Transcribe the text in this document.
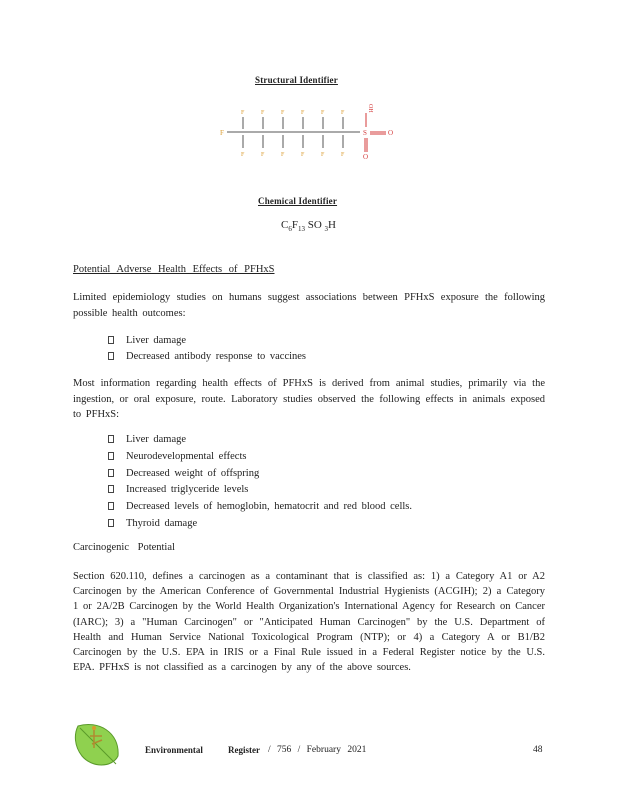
Structural Identifier
F
F
F
F
F
F
F
F
F
F
F
F
F
S	O
OH
O
Chemical Identifier
$C_6F_{13}$ SO $_3$H
Potential Adverse Health Effects of PFHxS

Limited epidemiology studies on humans suggest associations between PFHxS exposure the following possible health outcomes:

Liver damage
Decreased antibody response to vaccines

Most information regarding health effects of PFHxS is derived from animal studies, primarily via the ingestion, or oral exposure, route. Laboratory studies observed the following effects in animals exposed to PFHxS:

Liver damage
Neurodevelopmental effects
Decreased weight of offspring
Increased triglyceride levels
Decreased levels of hemoglobin, hematocrit and red blood cells.
Thyroid damage
Carcinogenic Potential

Section 620.110, defines a carcinogen as a contaminant that is classified as: 1) a Category A1 or A2 Carcinogen by the American Conference of Governmental Industrial Hygienists (ACGIH); 2) a Category 1 or 2A/2B Carcinogen by the World Health Organization's International Agency for Research on Cancer (IARC); 3) a "Human Carcinogen" or "Anticipated Human Carcinogen" by the U.S. Department of Health and Human Service National Toxicological Program (NTP); or 4) a Category A or B1/B2 Carcinogen by the U.S. EPA in IRIS or a Final Rule issued in a Federal Register notice by the U.S. EPA. PFHxS is not classified as a carcinogen by any of the above sources.

Environmental	Register / 756 / February 2021	48
